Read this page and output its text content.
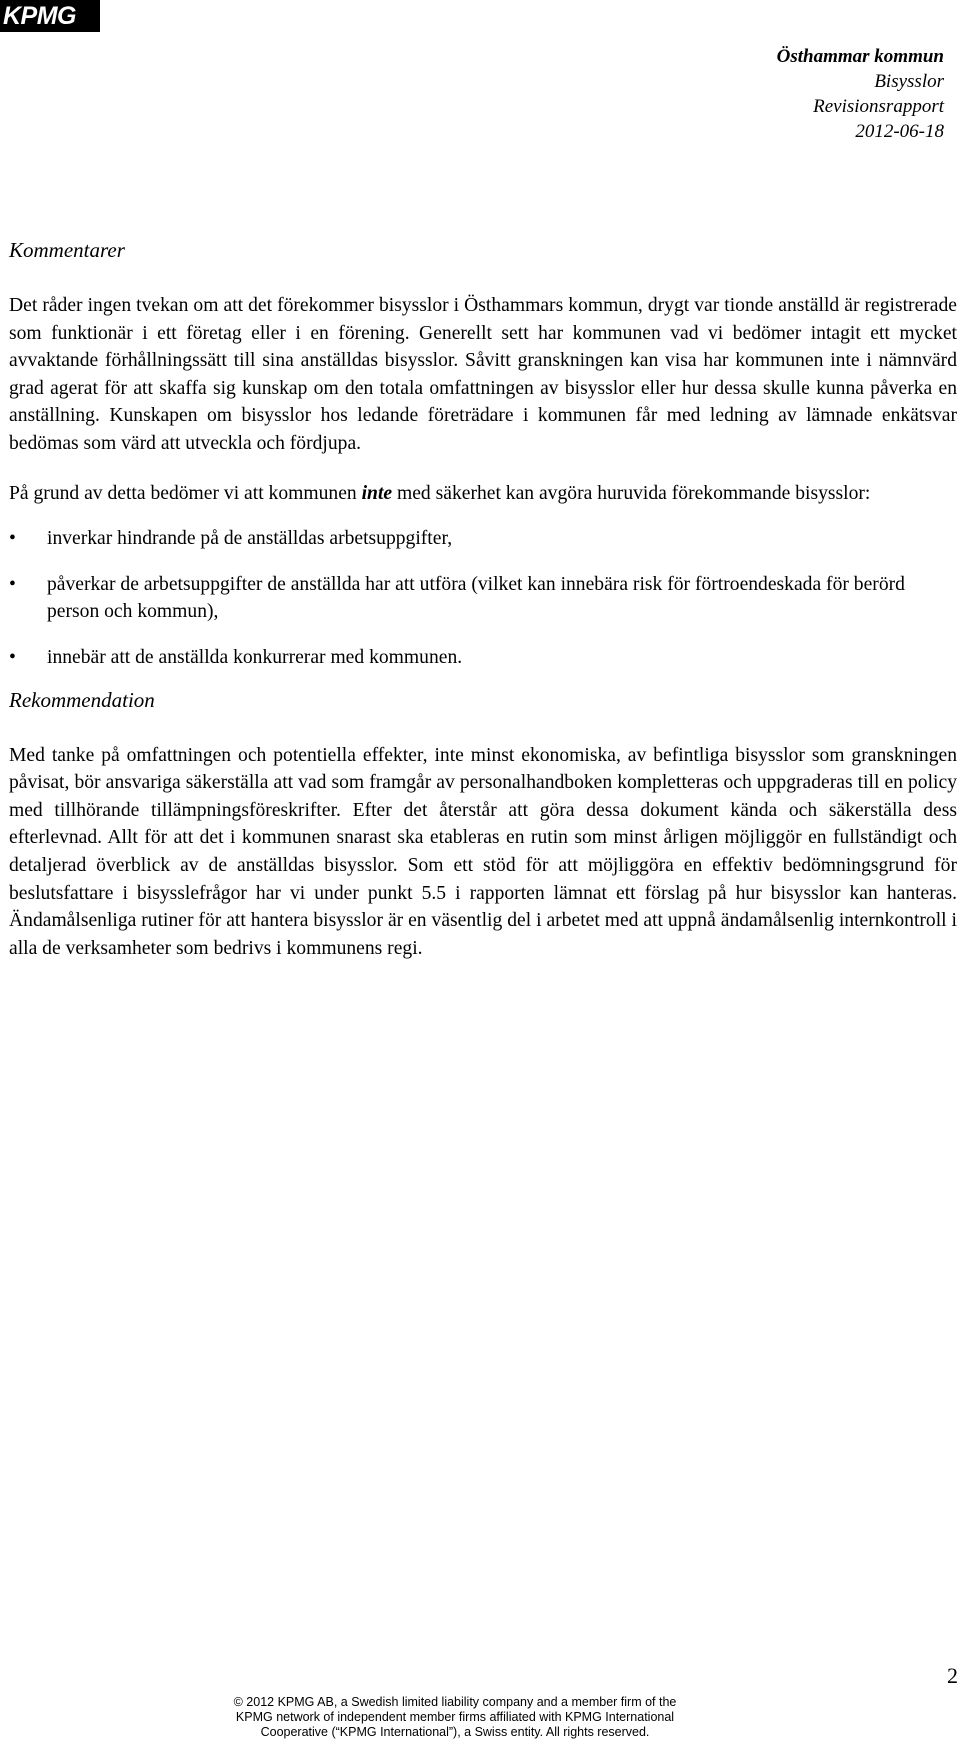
KPMG
Östhammar kommun
Bisysslor
Revisionsrapport
2012-06-18
Kommentarer

Det råder ingen tvekan om att det förekommer bisysslor i Östhammars kommun, drygt var tionde anställd är registrerade som funktionär i ett företag eller i en förening. Generellt sett har kommunen vad vi bedömer intagit ett mycket avvaktande förhållningssätt till sina anställdas bisysslor. Såvitt granskningen kan visa har kommunen inte i nämnvärd grad agerat för att skaffa sig kunskap om den totala omfattningen av bisysslor eller hur dessa skulle kunna påverka en anställning. Kunskapen om bisysslor hos ledande företrädare i kommunen får med ledning av lämnade enkätsvar bedömas som värd att utveckla och fördjupa.

På grund av detta bedömer vi att kommunen inte med säkerhet kan avgöra huruvida förekommande bisysslor:

• inverkar hindrande på de anställdas arbetsuppgifter,
• påverkar de arbetsuppgifter de anställda har att utföra (vilket kan innebära risk för förtroendeskada för berörd person och kommun),
• innebär att de anställda konkurrerar med kommunen.
Rekommendation

Med tanke på omfattningen och potentiella effekter, inte minst ekonomiska, av befintliga bisysslor som granskningen påvisat, bör ansvariga säkerställa att vad som framgår av personalhandboken kompletteras och uppgraderas till en policy med tillhörande tillämpningsföreskrifter. Efter det återstår att göra dessa dokument kända och säkerställa dess efterlevnad. Allt för att det i kommunen snarast ska etableras en rutin som minst årligen möjliggör en fullständigt och detaljerad överblick av de anställdas bisysslor. Som ett stöd för att möjliggöra en effektiv bedömningsgrund för beslutsfattare i bisysslefrågor har vi under punkt 5.5 i rapporten lämnat ett förslag på hur bisysslor kan hanteras. Ändamålsenliga rutiner för att hantera bisysslor är en väsentlig del i arbetet med att uppnå ändamålsenlig internkontroll i alla de verksamheter som bedrivs i kommunens regi.

2
© 2012 KPMG AB, a Swedish limited liability company and a member firm of the
KPMG network of independent member firms affiliated with KPMG International
Cooperative (“KPMG International”), a Swiss entity. All rights reserved.
